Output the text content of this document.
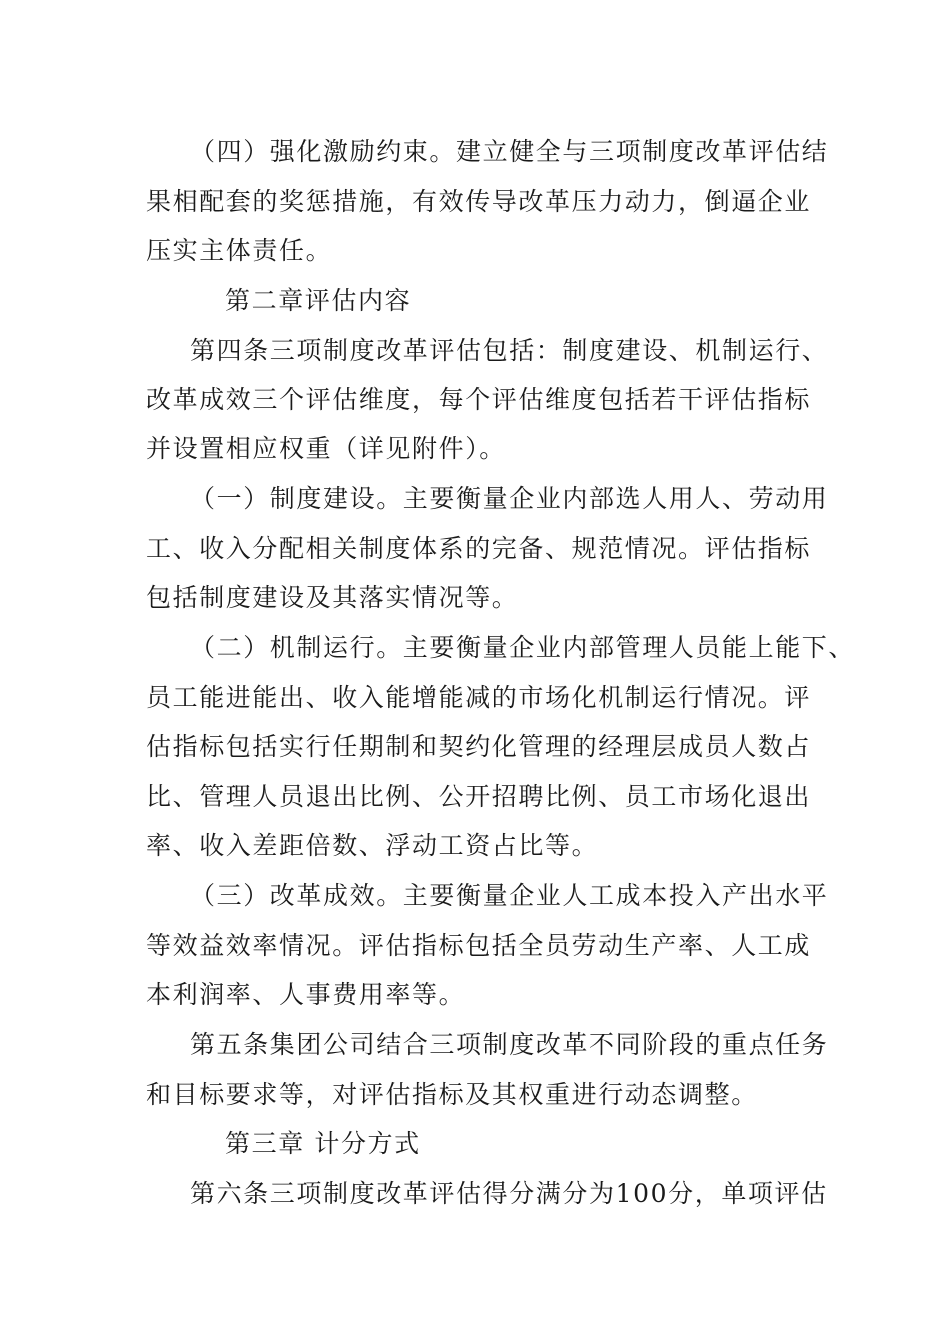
（四）强化激励约束。建立健全与三项制度改革评估结
果相配套的奖惩措施，有效传导改革压力动力，倒逼企业
压实主体责任。
第二章评估内容
第四条三项制度改革评估包括：制度建设、机制运行、
改革成效三个评估维度，每个评估维度包括若干评估指标
并设置相应权重（详见附件）。
（一）制度建设。主要衡量企业内部选人用人、劳动用
工、收入分配相关制度体系的完备、规范情况。评估指标
包括制度建设及其落实情况等。
（二）机制运行。主要衡量企业内部管理人员能上能下、
员工能进能出、收入能增能减的市场化机制运行情况。评
估指标包括实行任期制和契约化管理的经理层成员人数占
比、管理人员退出比例、公开招聘比例、员工市场化退出
率、收入差距倍数、浮动工资占比等。
（三）改革成效。主要衡量企业人工成本投入产出水平
等效益效率情况。评估指标包括全员劳动生产率、人工成
本利润率、人事费用率等。
第五条集团公司结合三项制度改革不同阶段的重点任务
和目标要求等，对评估指标及其权重进行动态调整。
第三章 计分方式
第六条三项制度改革评估得分满分为100分，单项评估
